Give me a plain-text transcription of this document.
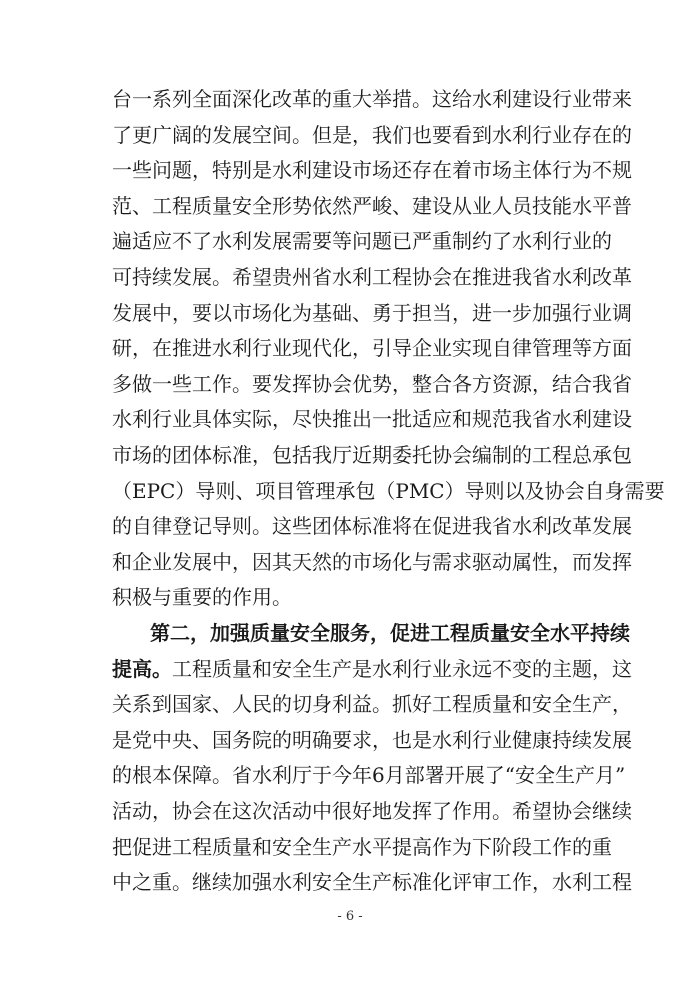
台一系列全面深化改革的重大举措。这给水利建设行业带来
了更广阔的发展空间。但是，我们也要看到水利行业存在的
一些问题，特别是水利建设市场还存在着市场主体行为不规
范、工程质量安全形势依然严峻、建设从业人员技能水平普
遍适应不了水利发展需要等问题已严重制约了水利行业的
可持续发展。希望贵州省水利工程协会在推进我省水利改革
发展中，要以市场化为基础、勇于担当，进一步加强行业调
研，在推进水利行业现代化，引导企业实现自律管理等方面
多做一些工作。要发挥协会优势，整合各方资源，结合我省
水利行业具体实际，尽快推出一批适应和规范我省水利建设
市场的团体标准，包括我厅近期委托协会编制的工程总承包
（EPC）导则、项目管理承包（PMC）导则以及协会自身需要
的自律登记导则。这些团体标准将在促进我省水利改革发展
和企业发展中，因其天然的市场化与需求驱动属性，而发挥
积极与重要的作用。
第二，加强质量安全服务，促进工程质量安全水平持续
提高。工程质量和安全生产是水利行业永远不变的主题，这
关系到国家、人民的切身利益。抓好工程质量和安全生产，
是党中央、国务院的明确要求，也是水利行业健康持续发展
的根本保障。省水利厅于今年6月部署开展了“安全生产月”
活动，协会在这次活动中很好地发挥了作用。希望协会继续
把促进工程质量和安全生产水平提高作为下阶段工作的重
中之重。继续加强水利安全生产标准化评审工作，水利工程
- 6 -
